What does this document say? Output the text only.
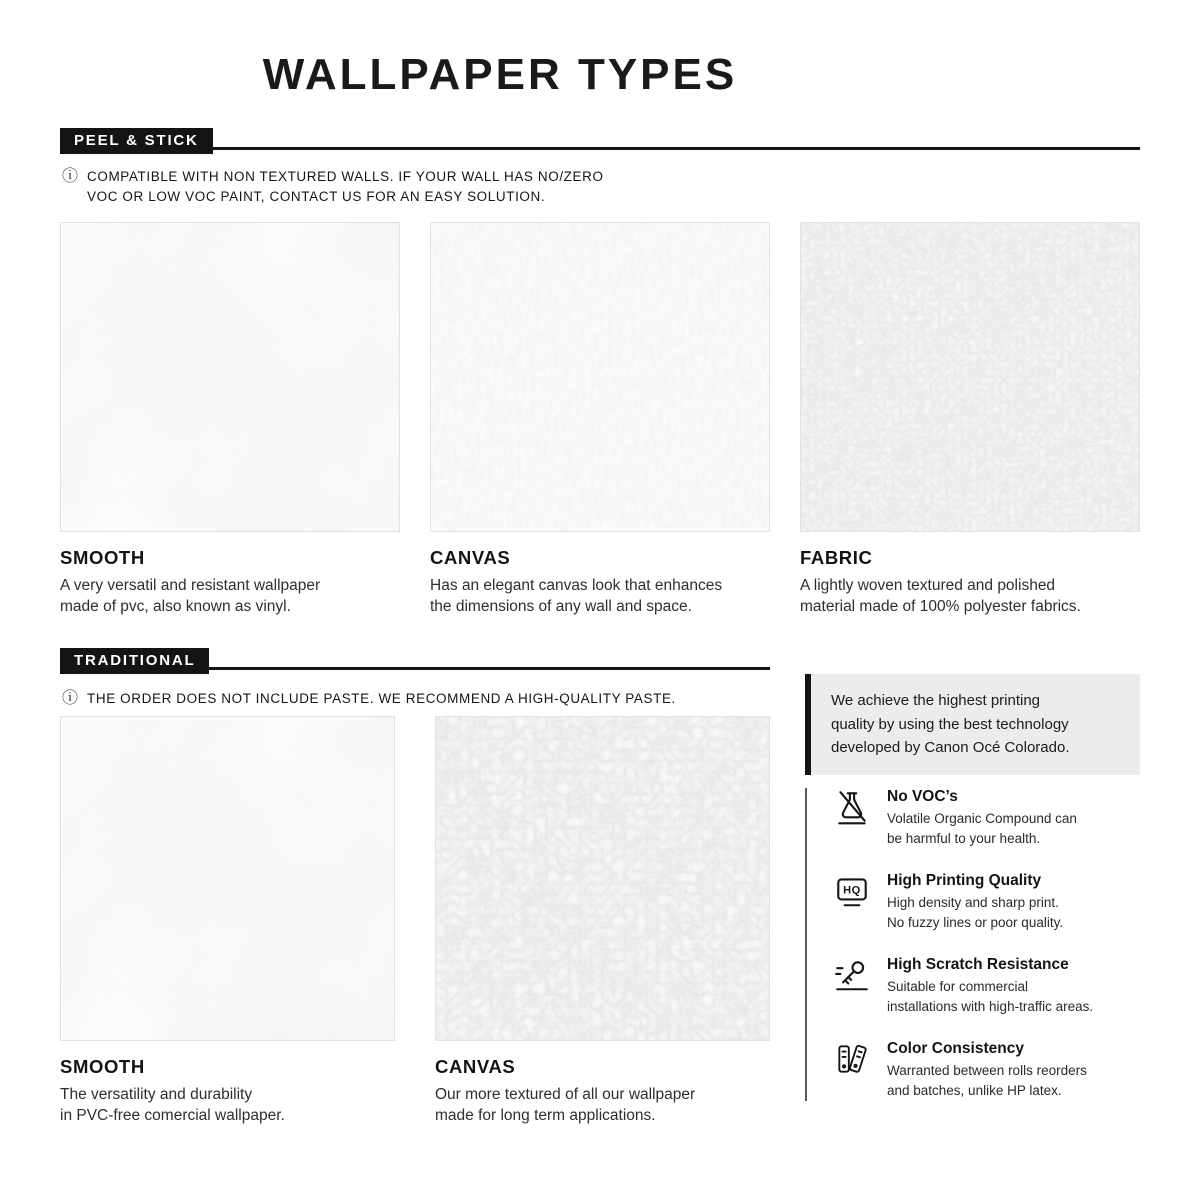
WALLPAPER TYPES
PEEL & STICK
ⓘ COMPATIBLE WITH NON TEXTURED WALLS. IF YOUR WALL HAS NO/ZERO
VOC OR LOW VOC PAINT, CONTACT US FOR AN EASY SOLUTION.
SMOOTH
A very versatil and resistant wallpaper
made of pvc, also known as vinyl.
CANVAS
Has an elegant canvas look that enhances
the dimensions of any wall and space.
FABRIC
A lightly woven textured and polished
material made of 100% polyester fabrics.
TRADITIONAL
ⓘ THE ORDER DOES NOT INCLUDE PASTE. WE RECOMMEND A HIGH-QUALITY PASTE.
SMOOTH
The versatility and durability
in PVC-free comercial wallpaper.
CANVAS
Our more textured of all our wallpaper
made for long term applications.
We achieve the highest printing
quality by using the best technology
developed by Canon Océ Colorado.
No VOC’s
Volatile Organic Compound can
be harmful to your health.
HQ
High Printing Quality
High density and sharp print.
No fuzzy lines or poor quality.
High Scratch Resistance
Suitable for commercial
installations with high-traffic areas.
Color Consistency
Warranted between rolls reorders
and batches, unlike HP latex.
